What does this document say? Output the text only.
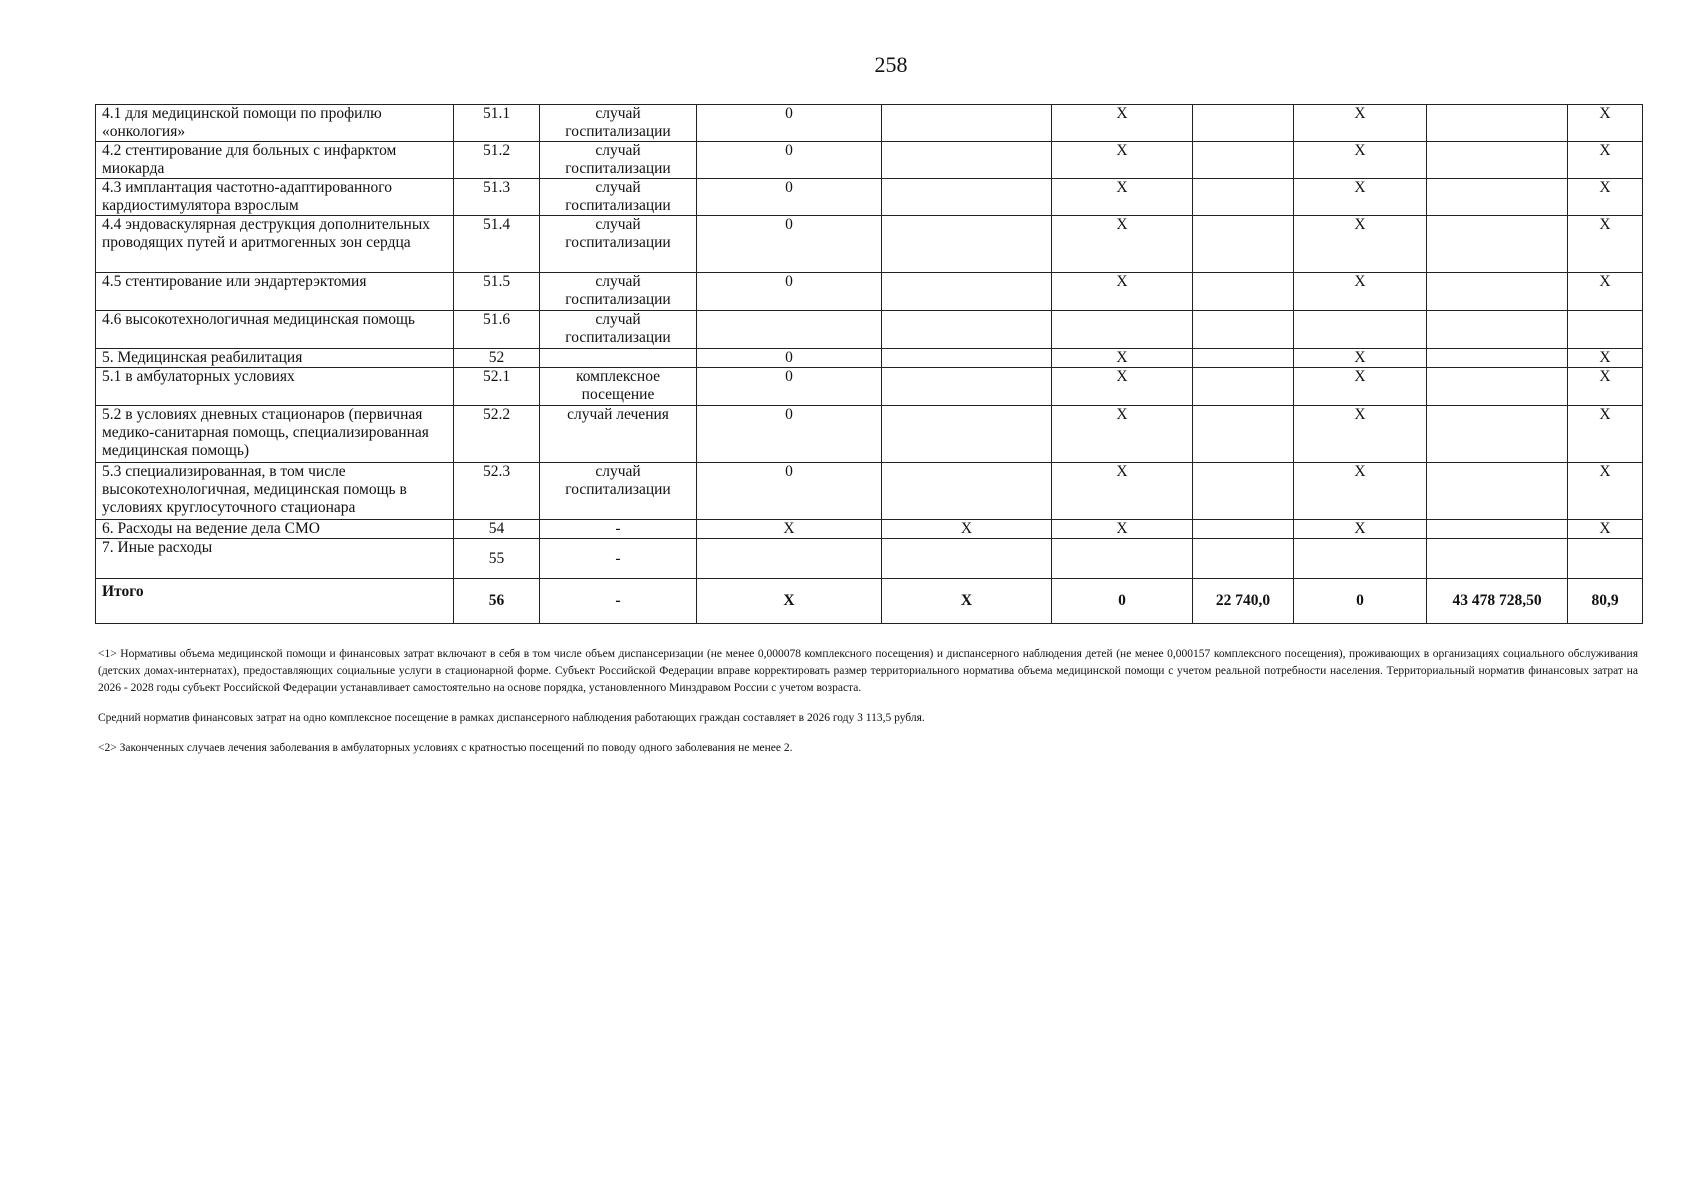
258
4.1 для медицинской помощи по профилю «онкология»	51.1	случай госпитализации	0		X		X		X
4.2 стентирование для больных с инфарктом миокарда	51.2	случай госпитализации	0		X		X		X
4.3 имплантация частотно-адаптированного кардиостимулятора взрослым	51.3	случай госпитализации	0		X		X		X
4.4 эндоваскулярная деструкция дополнительных проводящих путей и аритмогенных зон сердца	51.4	случай госпитализации	0		X		X		X
4.5 стентирование или эндартерэктомия	51.5	случай госпитализации	0		X		X		X
4.6 высокотехнологичная медицинская помощь	51.6	случай госпитализации							
5. Медицинская реабилитация	52		0		X		X		X
5.1 в амбулаторных условиях	52.1	комплексное посещение	0		X		X		X
5.2 в условиях дневных стационаров (первичная медико-санитарная помощь, специализированная медицинская помощь)	52.2	случай лечения	0		X		X		X
5.3 специализированная, в том числе высокотехнологичная, медицинская помощь в условиях круглосуточного стационара	52.3	случай госпитализации	0		X		X		X
6. Расходы на ведение дела СМО	54	-	X	X	X		X		X
7. Иные расходы	55	-							
Итого	56	-	X	X	0	22 740,0	0	43 478 728,50	80,9

<1> Нормативы объема медицинской помощи и финансовых затрат включают в себя в том числе объем диспансеризации (не менее 0,000078 комплексного посещения) и диспансерного наблюдения детей (не менее 0,000157 комплексного посещения), проживающих в организациях социального обслуживания (детских домах-интернатах), предоставляющих социальные услуги в стационарной форме. Субъект Российской Федерации вправе корректировать размер территориального норматива объема медицинской помощи с учетом реальной потребности населения. Территориальный норматив финансовых затрат на 2026 - 2028 годы субъект Российской Федерации устанавливает самостоятельно на основе порядка, установленного Минздравом России с учетом возраста.

Средний норматив финансовых затрат на одно комплексное посещение в рамках диспансерного наблюдения работающих граждан составляет в 2026 году 3 113,5 рубля.

<2> Законченных случаев лечения заболевания в амбулаторных условиях с кратностью посещений по поводу одного заболевания не менее 2.
